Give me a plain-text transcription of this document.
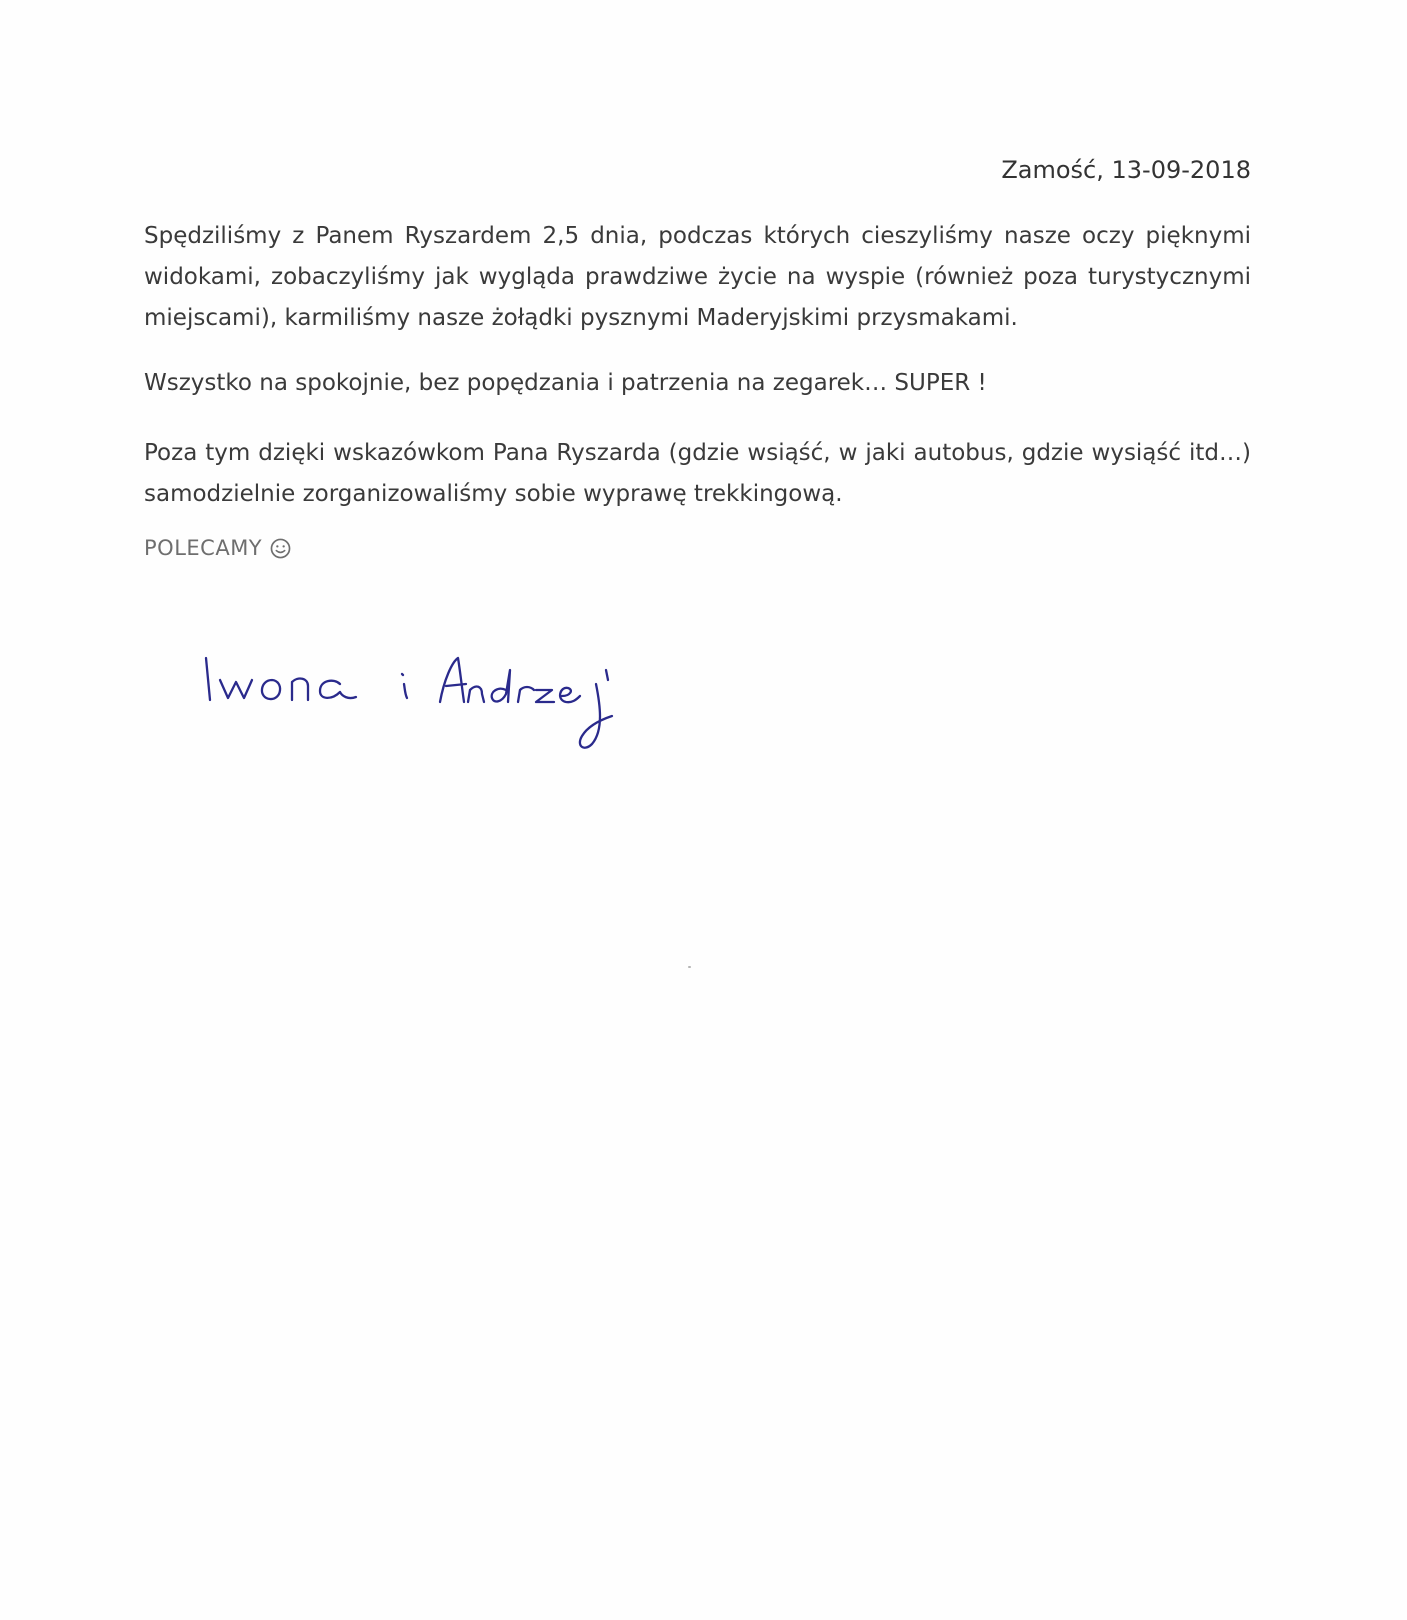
Zamość, 13-09-2018

Spędziliśmy z Panem Ryszardem 2,5 dnia, podczas których cieszyliśmy nasze oczy pięknymi widokami, zobaczyliśmy jak wygląda prawdziwe życie na wyspie (również poza turystycznymi miejscami), karmiliśmy nasze żołądki pysznymi Maderyjskimi przysmakami.

Wszystko na spokojnie, bez popędzania i patrzenia na zegarek… SUPER !

Poza tym dzięki wskazówkom Pana Ryszarda (gdzie wsiąść, w jaki autobus, gdzie wysiąść itd…) samodzielnie zorganizowaliśmy sobie wyprawę trekkingową.

POLECAMY
